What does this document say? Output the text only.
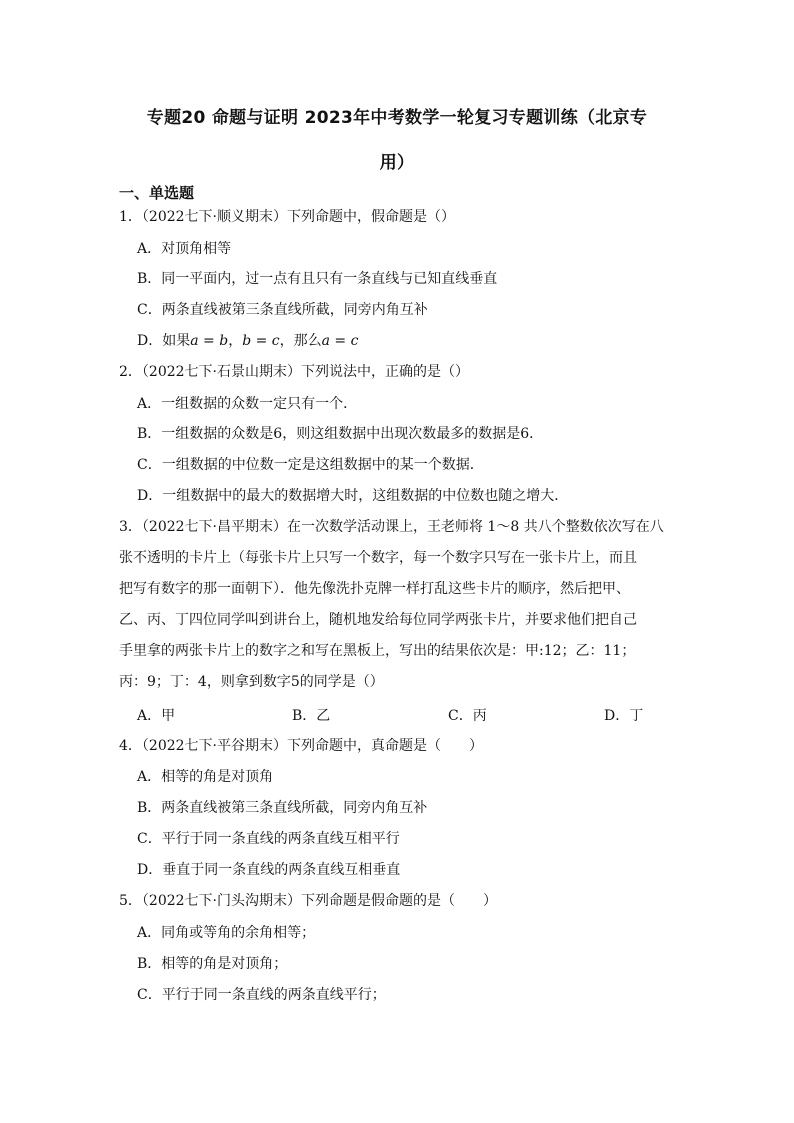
专题20 命题与证明 2023年中考数学一轮复习专题训练（北京专
用）
一、单选题
1．（2022七下·顺义期末）下列命题中，假命题是（）
A．对顶角相等
B．同一平面内，过一点有且只有一条直线与已知直线垂直
C．两条直线被第三条直线所截，同旁内角互补
D．如果a = b，b = c，那么a = c
2．（2022七下·石景山期末）下列说法中，正确的是（）
A．一组数据的众数一定只有一个．
B．一组数据的众数是6，则这组数据中出现次数最多的数据是6．
C．一组数据的中位数一定是这组数据中的某一个数据．
D．一组数据中的最大的数据增大时，这组数据的中位数也随之增大．
3．（2022七下·昌平期末）在一次数学活动课上，王老师将 1～8 共八个整数依次写在八
张不透明的卡片上（每张卡片上只写一个数字，每一个数字只写在一张卡片上，而且
把写有数字的那一面朝下）．他先像洗扑克牌一样打乱这些卡片的顺序，然后把甲、
乙、丙、丁四位同学叫到讲台上，随机地发给每位同学两张卡片，并要求他们把自己
手里拿的两张卡片上的数字之和写在黑板上，写出的结果依次是：甲:12；乙：11；
丙：9；丁：4，则拿到数字5的同学是（）
A．甲	B．乙	C．丙	D．丁
4．（2022七下·平谷期末）下列命题中，真命题是（　　）
A．相等的角是对顶角
B．两条直线被第三条直线所截，同旁内角互补
C．平行于同一条直线的两条直线互相平行
D．垂直于同一条直线的两条直线互相垂直
5．（2022七下·门头沟期末）下列命题是假命题的是（　　）
A．同角或等角的余角相等；
B．相等的角是对顶角；
C．平行于同一条直线的两条直线平行；
